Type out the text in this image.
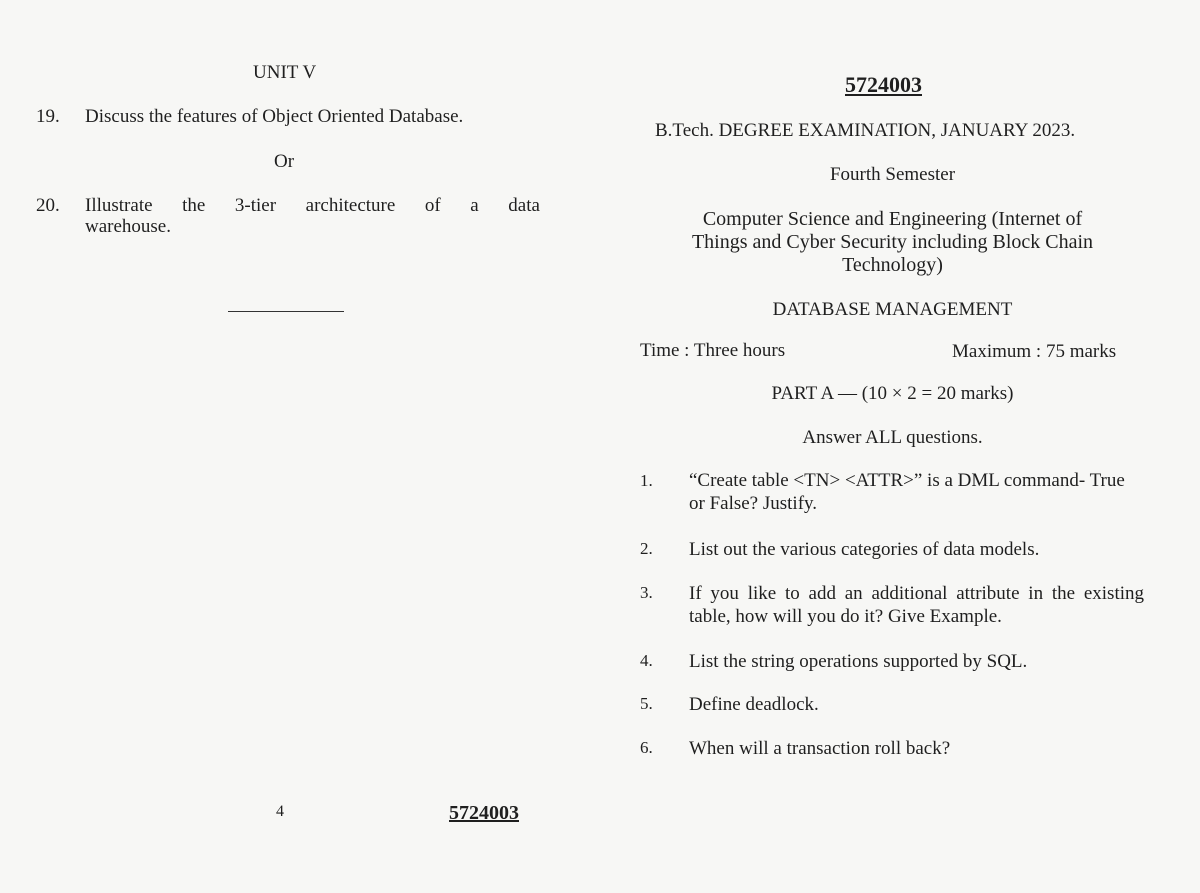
UNIT V
19. Discuss the features of Object Oriented Database.
Or
20. Illustrate the 3-tier architecture of a data
warehouse.
4	5724003
5724003
B.Tech. DEGREE EXAMINATION, JANUARY 2023.
Fourth Semester
Computer Science and Engineering (Internet of
Things and Cyber Security including Block Chain
Technology)
DATABASE MANAGEMENT
Time : Three hours	Maximum : 75 marks
PART A — (10 × 2 = 20 marks)
Answer ALL questions.
1. “Create table <TN> <ATTR>” is a DML command- True or False? Justify.
2. List out the various categories of data models.
3. If you like to add an additional attribute in the existing table, how will you do it? Give Example.
4. List the string operations supported by SQL.
5. Define deadlock.
6. When will a transaction roll back?
